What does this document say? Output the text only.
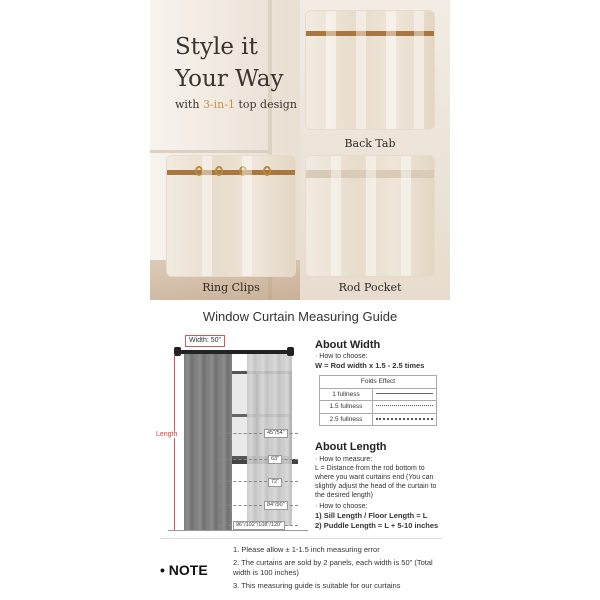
Style it
Your Way
with 3-in-1 top design
Back Tab
Ring Clips	Rod Pocket
Window Curtain Measuring Guide
Width: 50"
Length	45"/54"
63"
72"
84"/90"
96"/102"/108"/120"
About Width
· How to choose:
W = Rod width x 1.5 - 2.5 times
Folds Effect	
1 fullness	

1.5 fullness	

2.5 fullness	
About Length
· How to measure:
L = Distance from the rod bottom to where you want curtains end (You can slightly adjust the head of the curtain to the desired length)
· How to choose:
1) Sill Length / Floor Length = L
2) Puddle Length = L + 5-10 inches
• NOTE
1. Please allow ± 1-1.5 inch measuring error
2. The curtains are sold by 2 panels, each width is 50" (Total width is 100 inches)
3. This measuring guide is suitable for our curtains
